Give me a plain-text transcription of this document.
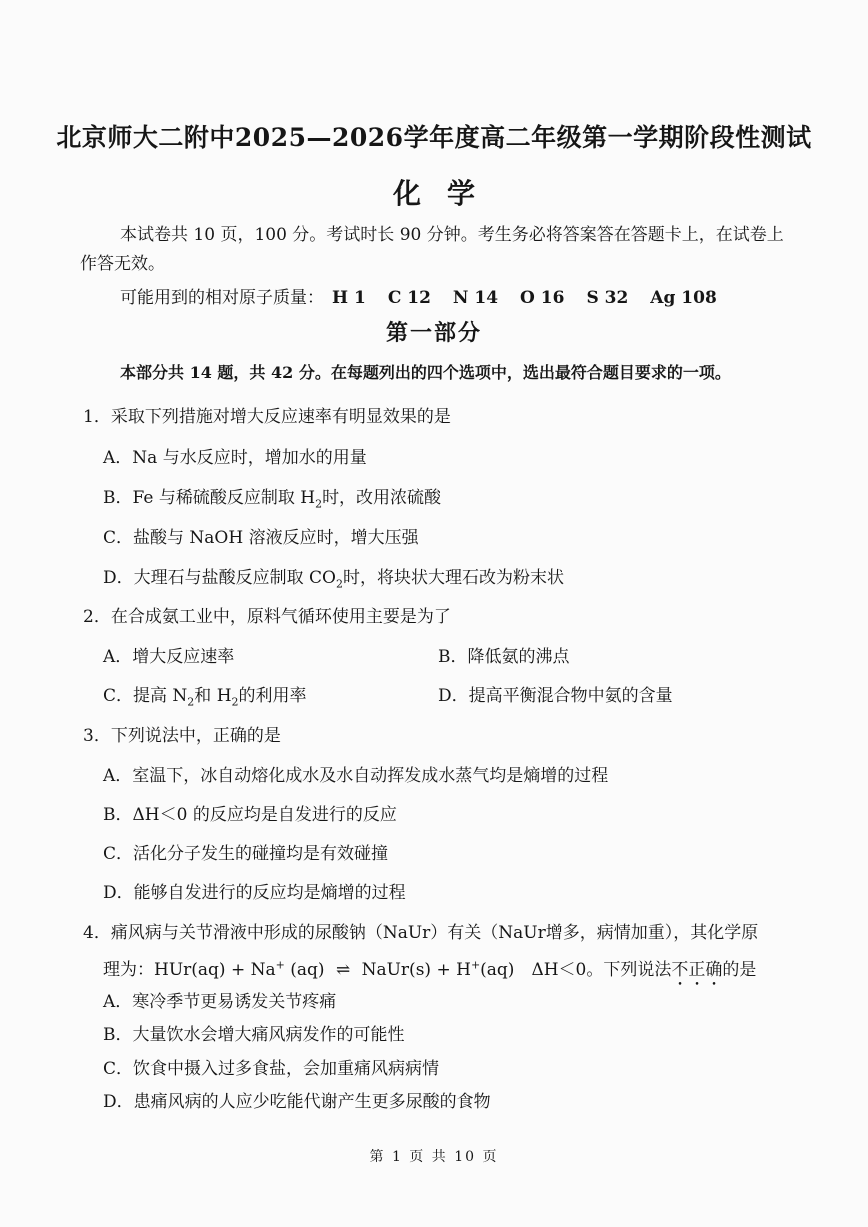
北京师大二附中2025—2026学年度高二年级第一学期阶段性测试
化学
本试卷共 10 页，100 分。考试时长 90 分钟。考生务必将答案答在答题卡上，在试卷上
作答无效。
可能用到的相对原子质量： H 1 C 12 N 14 O 16 S 32 Ag 108
第一部分
本部分共 14 题，共 42 分。在每题列出的四个选项中，选出最符合题目要求的一项。
1．采取下列措施对增大反应速率有明显效果的是
A．Na 与水反应时，增加水的用量
B．Fe 与稀硫酸反应制取 $H_2$时，改用浓硫酸
C．盐酸与 NaOH 溶液反应时，增大压强
D．大理石与盐酸反应制取 $CO_2$时，将块状大理石改为粉末状
2．在合成氨工业中，原料气循环使用主要是为了
A．增大反应速率	B．降低氨的沸点
C．提高 $N_2$和 $H_2$的利用率	D．提高平衡混合物中氨的含量
3．下列说法中，正确的是
A．室温下，冰自动熔化成水及水自动挥发成水蒸气均是熵增的过程
B．ΔH＜0 的反应均是自发进行的反应
C．活化分子发生的碰撞均是有效碰撞
D．能够自发进行的反应均是熵增的过程
4．痛风病与关节滑液中形成的尿酸钠（NaUr）有关（NaUr增多，病情加重），其化学原
理为：HUr(aq) + Na+ (aq) ⇌ NaUr(s) + H+(aq)　ΔH＜0。下列说法不正确的是
A．寒冷季节更易诱发关节疼痛
B．大量饮水会增大痛风病发作的可能性
C．饮食中摄入过多食盐，会加重痛风病病情
D．患痛风病的人应少吃能代谢产生更多尿酸的食物
第 1 页 共 10 页
